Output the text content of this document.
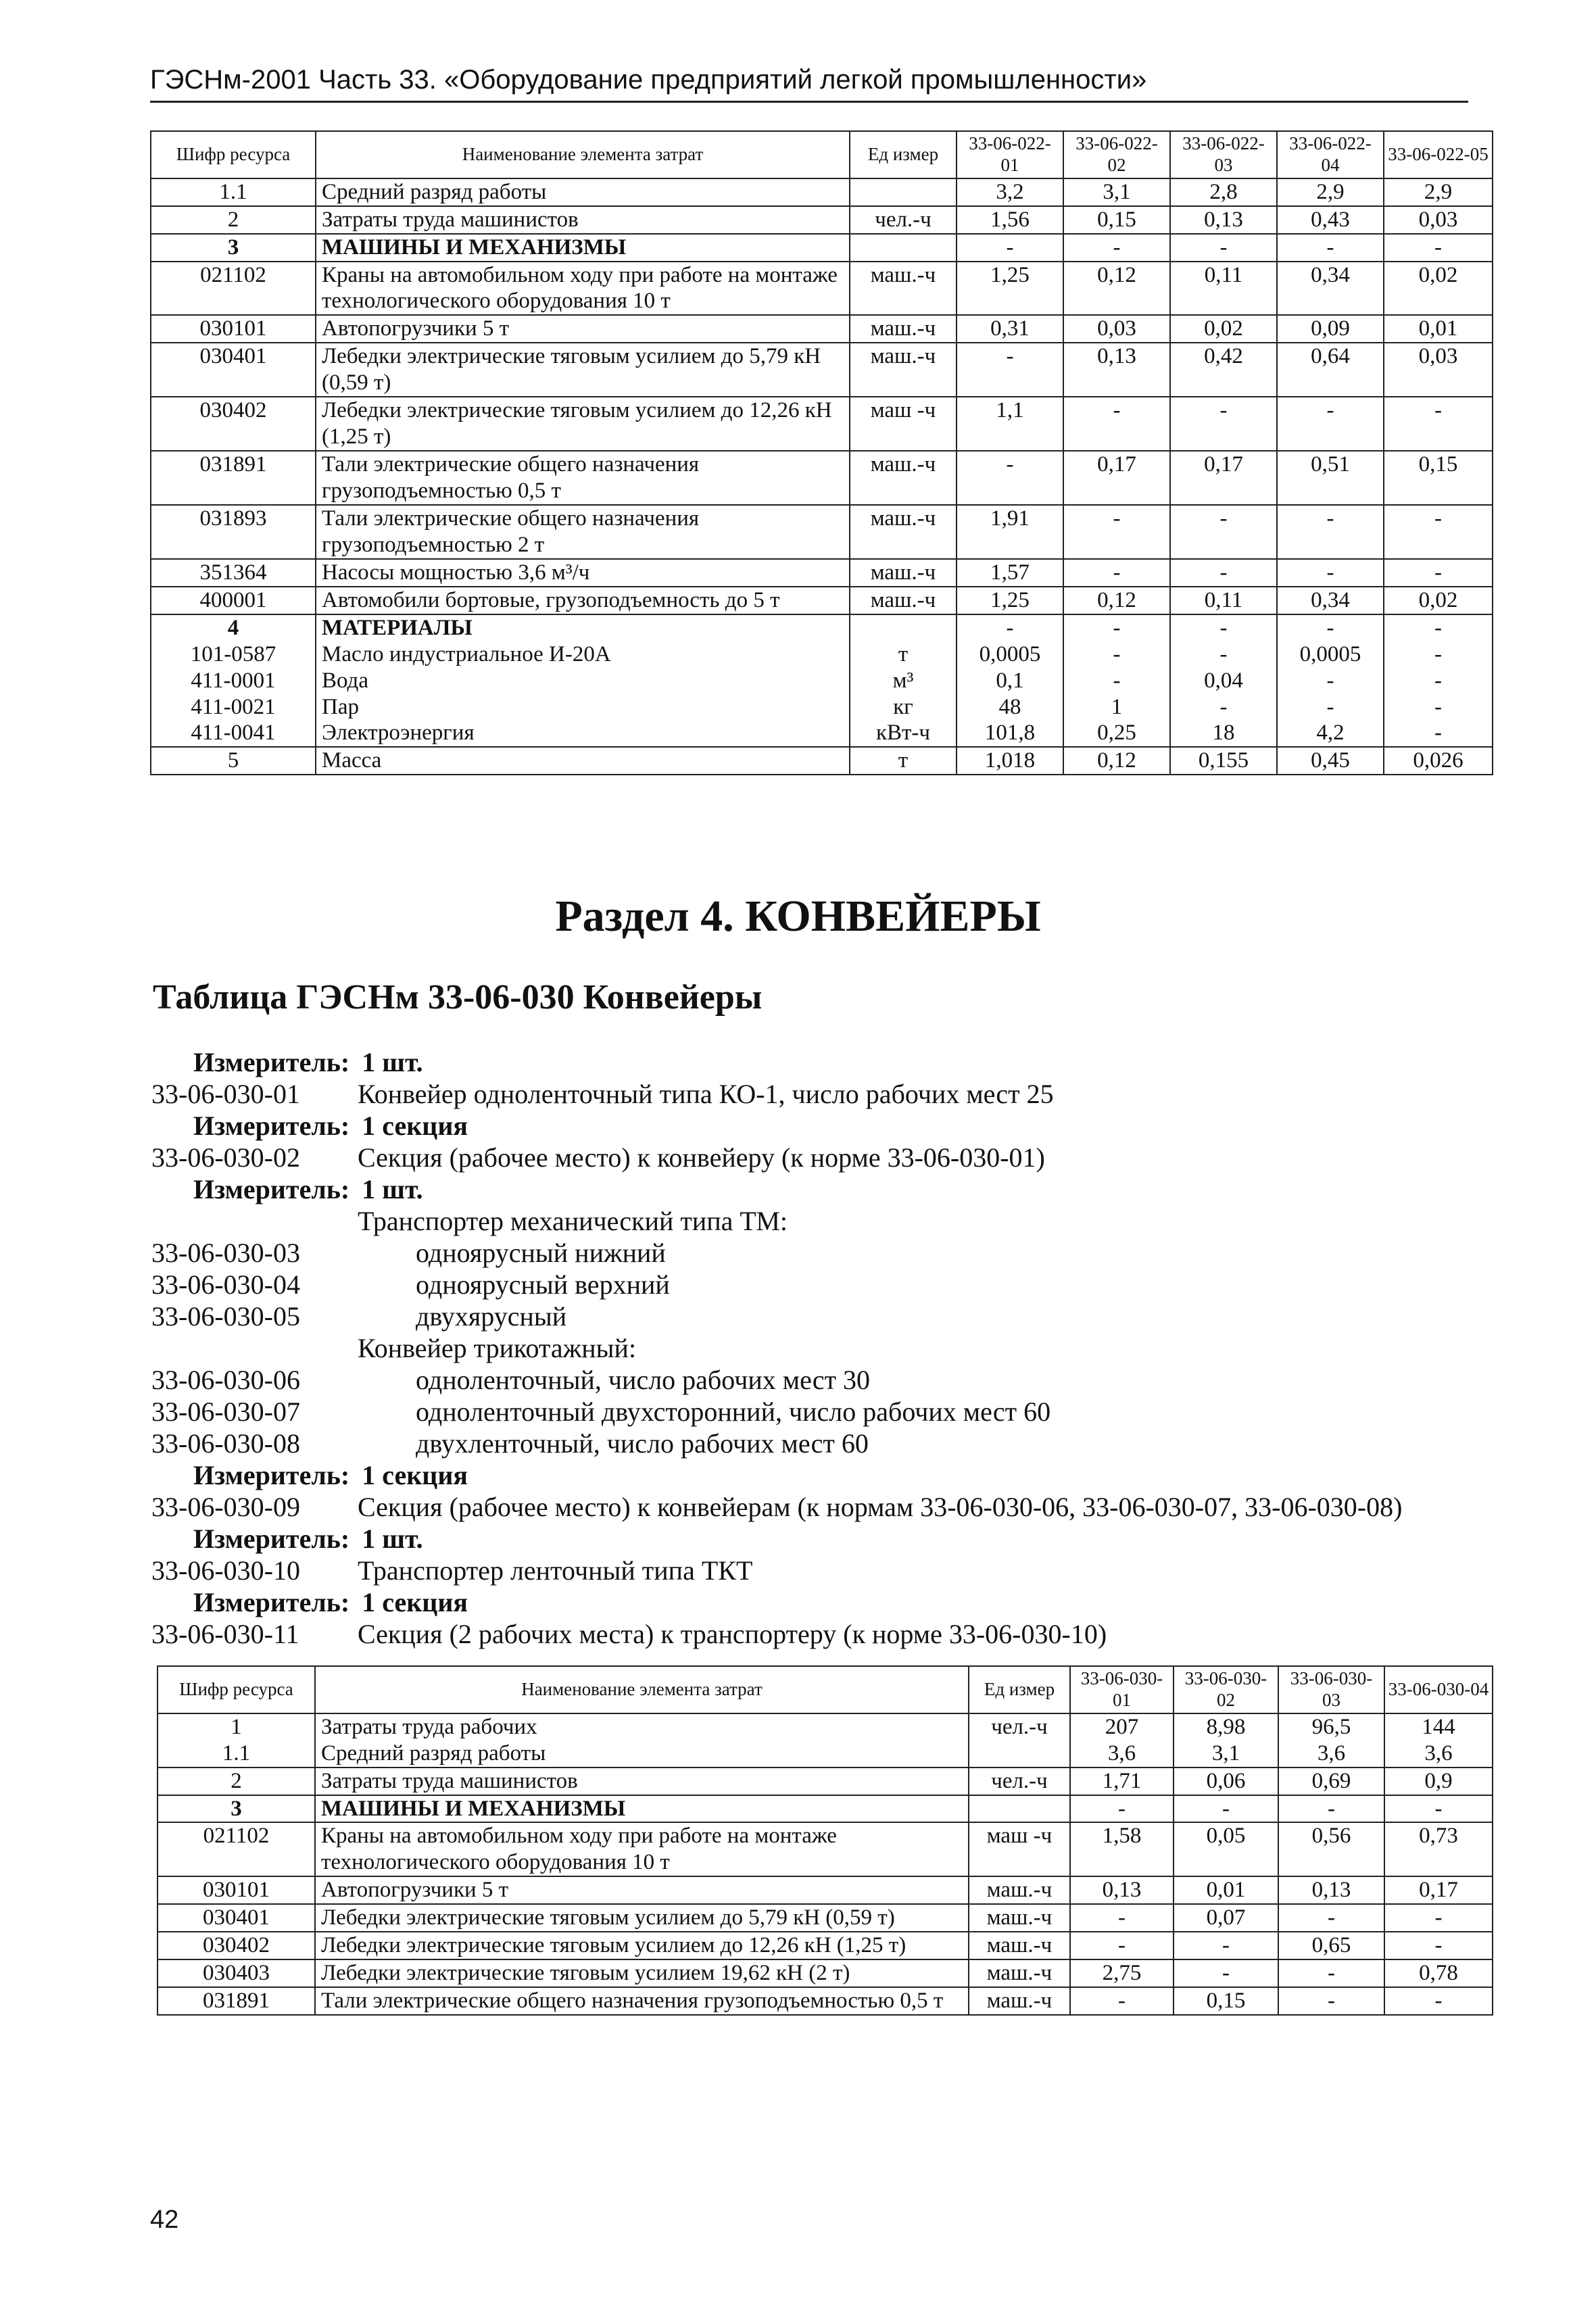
ГЭСНм-2001 Часть 33. «Оборудование предприятий легкой промышленности»
Шифр ресурса	Наименование элемента затрат	Ед измер	33-06-022-01	33-06-022-02	33-06-022-03	33-06-022-04	33-06-022-05
1.1	Средний разряд работы		3,2	3,1	2,8	2,9	2,9
2	Затраты труда машинистов	чел.-ч	1,56	0,15	0,13	0,43	0,03
3	МАШИНЫ И МЕХАНИЗМЫ		-	-	-	-	-
021102	Краны на автомобильном ходу при работе на монтаже технологического оборудования 10 т	маш.-ч	1,25	0,12	0,11	0,34	0,02
030101	Автопогрузчики 5 т	маш.-ч	0,31	0,03	0,02	0,09	0,01
030401	Лебедки электрические тяговым усилием до 5,79 кН (0,59 т)	маш.-ч	-	0,13	0,42	0,64	0,03
030402	Лебедки электрические тяговым усилием до 12,26 кН (1,25 т)	маш -ч	1,1	-	-	-	-
031891	Тали электрические общего назначения грузоподъемностью 0,5 т	маш.-ч	-	0,17	0,17	0,51	0,15
031893	Тали электрические общего назначения грузоподъемностью 2 т	маш.-ч	1,91	-	-	-	-
351364	Насосы мощностью 3,6 м³/ч	маш.-ч	1,57	-	-	-	-
400001	Автомобили бортовые, грузоподъемность до 5 т	маш.-ч	1,25	0,12	0,11	0,34	0,02
4	МАТЕРИАЛЫ		-	-	-	-	-
101-0587	Масло индустриальное И-20А	т	0,0005	-	-	0,0005	-
411-0001	Вода	м³	0,1	-	0,04	-	-
411-0021	Пар	кг	48	1	-	-	-
411-0041	Электроэнергия	кВт-ч	101,8	0,25	18	4,2	-
5	Масса	т	1,018	0,12	0,155	0,45	0,026
Раздел 4. КОНВЕЙЕРЫ
Таблица ГЭСНм 33-06-030 Конвейеры
Измеритель: 1 шт.
33-06-030-01	Конвейер одноленточный типа КО-1, число рабочих мест 25
Измеритель: 1 секция
33-06-030-02	Секция (рабочее место) к конвейеру (к норме 33-06-030-01)
Измеритель: 1 шт.
Транспортер механический типа ТМ:
33-06-030-03	одноярусный нижний
33-06-030-04	одноярусный верхний
33-06-030-05	двухярусный
Конвейер трикотажный:
33-06-030-06	одноленточный, число рабочих мест 30
33-06-030-07	одноленточный двухсторонний, число рабочих мест 60
33-06-030-08	двухленточный, число рабочих мест 60
Измеритель: 1 секция
33-06-030-09	Секция (рабочее место) к конвейерам (к нормам 33-06-030-06, 33-06-030-07, 33-06-030-08)
Измеритель: 1 шт.
33-06-030-10	Транспортер ленточный типа ТКТ
Измеритель: 1 секция
33-06-030-11	Секция (2 рабочих места) к транспортеру (к норме 33-06-030-10)
Шифр ресурса	Наименование элемента затрат	Ед измер	33-06-030-01	33-06-030-02	33-06-030-03	33-06-030-04
1	Затраты труда рабочих	чел.-ч	207	8,98	96,5	144
1.1	Средний разряд работы		3,6	3,1	3,6	3,6
2	Затраты труда машинистов	чел.-ч	1,71	0,06	0,69	0,9
3	МАШИНЫ И МЕХАНИЗМЫ		-	-	-	-
021102	Краны на автомобильном ходу при работе на монтаже технологического оборудования 10 т	маш -ч	1,58	0,05	0,56	0,73
030101	Автопогрузчики 5 т	маш.-ч	0,13	0,01	0,13	0,17
030401	Лебедки электрические тяговым усилием до 5,79 кН (0,59 т)	маш.-ч	-	0,07	-	-
030402	Лебедки электрические тяговым усилием до 12,26 кН (1,25 т)	маш.-ч	-	-	0,65	-
030403	Лебедки электрические тяговым усилием 19,62 кН (2 т)	маш.-ч	2,75	-	-	0,78
031891	Тали электрические общего назначения грузоподъемностью 0,5 т	маш.-ч	-	0,15	-	-
42
